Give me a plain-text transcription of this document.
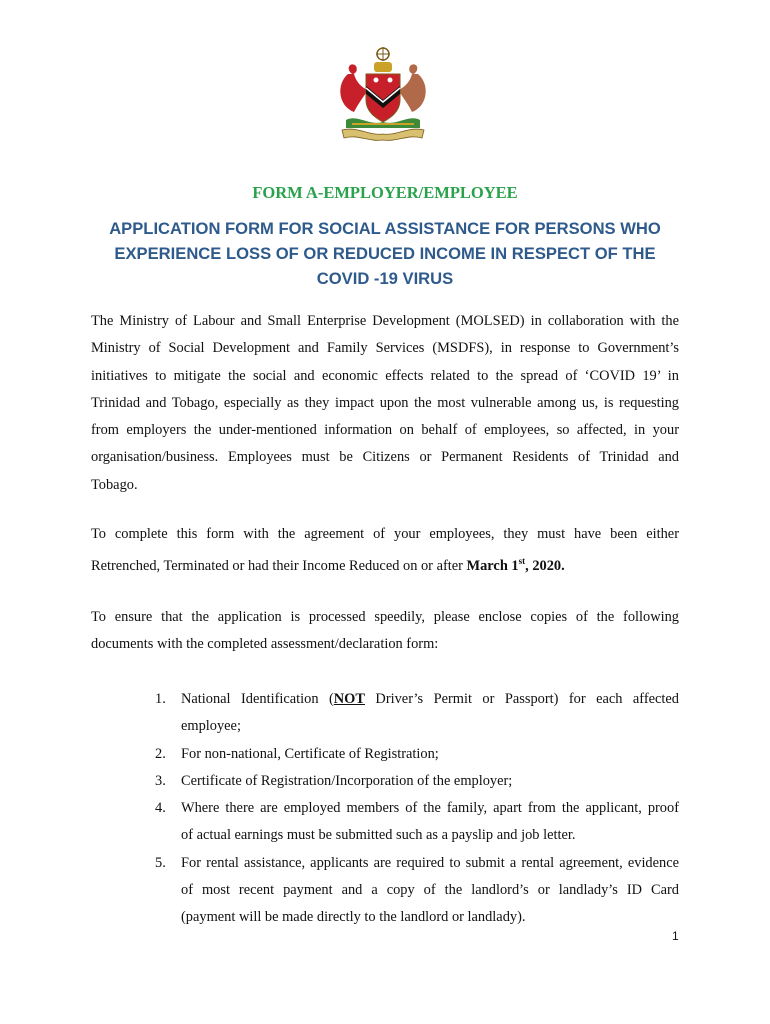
FORM A-EMPLOYER/EMPLOYEE
APPLICATION FORM FOR SOCIAL ASSISTANCE FOR PERSONS WHO
EXPERIENCE LOSS OF OR REDUCED INCOME IN RESPECT OF THE
COVID -19 VIRUS
The Ministry of Labour and Small Enterprise Development (MOLSED) in collaboration with the
Ministry of Social Development and Family Services (MSDFS), in response to Government’s
initiatives to mitigate the social and economic effects related to the spread of ‘COVID 19’ in
Trinidad and Tobago, especially as they impact upon the most vulnerable among us, is requesting
from employers the under-mentioned information on behalf of employees, so affected, in your
organisation/business. Employees must be Citizens or Permanent Residents of Trinidad and
Tobago.
To complete this form with the agreement of your employees, they must have been either
Retrenched, Terminated or had their Income Reduced on or after March 1st, 2020.
To ensure that the application is processed speedily, please enclose copies of the following
documents with the completed assessment/declaration form:
1. National Identification (NOT Driver’s Permit or Passport) for each affected
employee;
2. For non-national, Certificate of Registration;
3. Certificate of Registration/Incorporation of the employer;
4. Where there are employed members of the family, apart from the applicant, proof
of actual earnings must be submitted such as a payslip and job letter.
5. For rental assistance, applicants are required to submit a rental agreement, evidence
of most recent payment and a copy of the landlord’s or landlady’s ID Card
(payment will be made directly to the landlord or landlady).
1
